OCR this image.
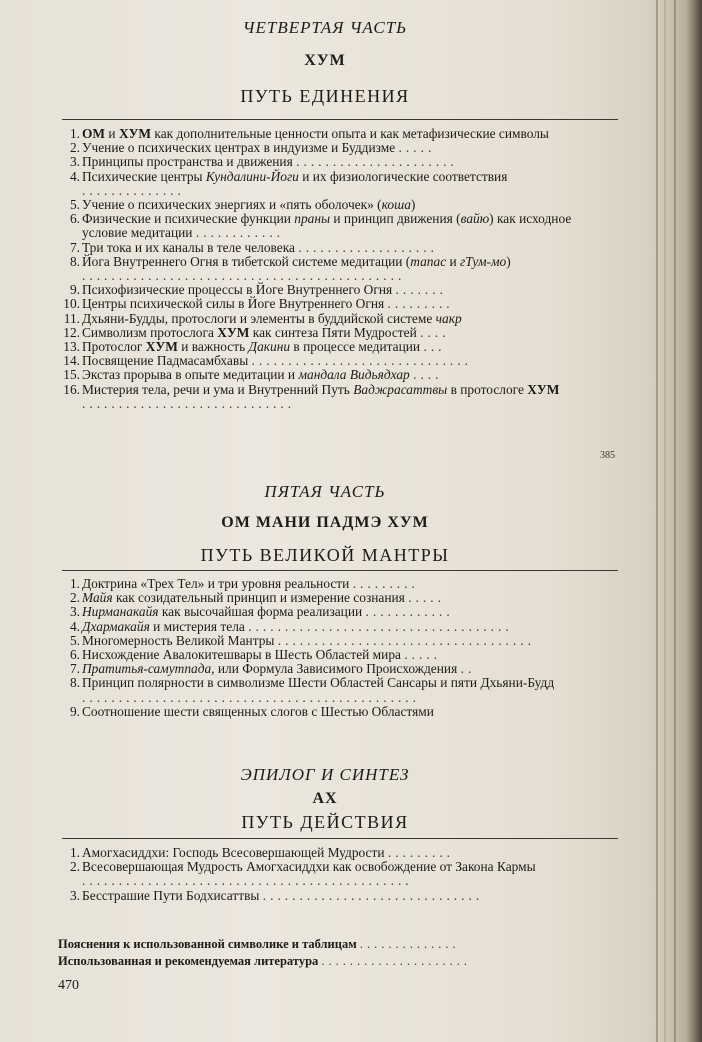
ЧЕТВЕРТАЯ ЧАСТЬ
ХУМ
ПУТЬ ЕДИНЕНИЯ
1. ОМ и ХУМ как дополнительные ценности опыта и как метафизические символы
2. Учение о психических центрах в индуизме и Буддизме .....
3. Принципы пространства и движения ......................
4. Психические центры Кундалини-Йоги и их физиологические соответствия ..............
5. Учение о психических энергиях и «пять оболочек» (коша)
6. Физические и психические функции праны и принцип движения (вайю) как исходное условие медитации ............
7. Три тока и их каналы в теле человека ...................
8. Йога Внутреннего Огня в тибетской системе медитации (тапас и гТум-мо) ............................................
9. Психофизические процессы в Йоге Внутреннего Огня .......
10. Центры психической силы в Йоге Внутреннего Огня .........
11. Дхьяни-Будды, протослоги и элементы в буддийской системе чакр
12. Символизм протослога ХУМ как синтеза Пяти Мудростей ....
13. Протослог ХУМ и важность Дакини в процессе медитации ...
14. Посвящение Падмасамбхавы ..............................
15. Экстаз прорыва в опыте медитации и мандала Видьядхар ....
16. Мистерия тела, речи и ума и Внутренний Путь Ваджрасаттвы в протослоге ХУМ .............................
385
ПЯТАЯ ЧАСТЬ
ОМ МАНИ ПАДМЭ ХУМ
ПУТЬ ВЕЛИКОЙ МАНТРЫ
1. Доктрина «Трех Тел» и три уровня реальности .........
2. Майя как созидательный принцип и измерение сознания .....
3. Нирманакайя как высочайшая форма реализации ............
4. Дхармакайя и мистерия тела ....................................
5. Многомерность Великой Мантры ...................................
6. Нисхождение Авалокитешвары в Шесть Областей мира .....
7. Пратитья-самутпада, или Формула Зависимого Происхождения ..
8. Принцип полярности в символизме Шести Областей Сансары и пяти Дхьяни-Будд ..............................................
9. Соотношение шести священных слогов с Шестью Областями
ЭПИЛОГ И СИНТЕЗ
АХ
ПУТЬ ДЕЙСТВИЯ
1. Амогхасиддхи: Господь Всесовершающей Мудрости .........
2. Всесовершающая Мудрость Амогхасиддхи как освобождение от Закона Кармы .............................................
3. Бесстрашие Пути Бодхисаттвы ..............................
Пояснения к использованной символике и таблицам ..............
Использованная и рекомендуемая литература .....................
470
